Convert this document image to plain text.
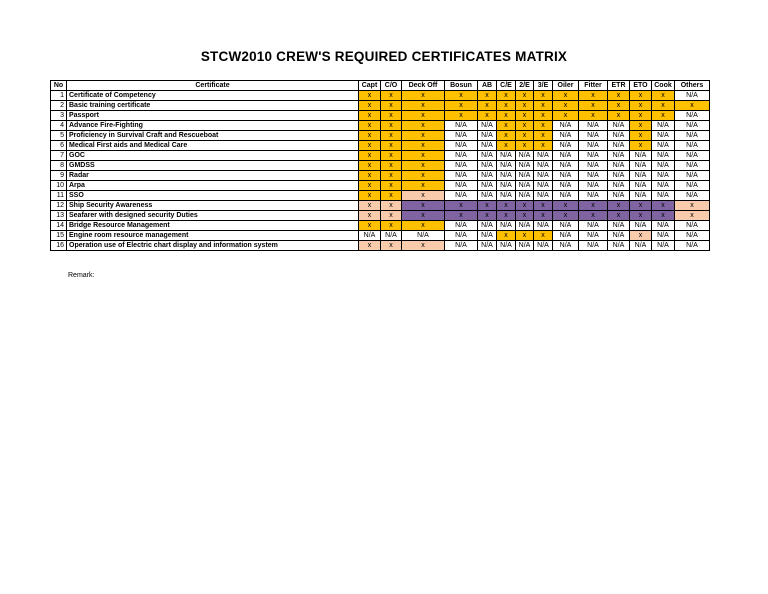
STCW2010 CREW'S REQUIRED CERTIFICATES MATRIX
No	Certificate	Capt	C/O	Deck Off	Bosun	AB	C/E	2/E	3/E	Oiler	Fitter	ETR	ETO	Cook	Others
1	Certificate of Competency	x	x	x	x	x	x	x	x	x	x	x	x	x	N/A
2	Basic training certificate	x	x	x	x	x	x	x	x	x	x	x	x	x	x
3	Passport	x	x	x	x	x	x	x	x	x	x	x	x	x	N/A
4	Advance Fire-Fighting	x	x	x	N/A	N/A	x	x	x	N/A	N/A	N/A	x	N/A	N/A
5	Proficiency in Survival Craft and Rescueboat	x	x	x	N/A	N/A	x	x	x	N/A	N/A	N/A	x	N/A	N/A
6	Medical First aids and Medical Care	x	x	x	N/A	N/A	x	x	x	N/A	N/A	N/A	x	N/A	N/A
7	GOC	x	x	x	N/A	N/A	N/A	N/A	N/A	N/A	N/A	N/A	N/A	N/A	N/A
8	GMDSS	x	x	x	N/A	N/A	N/A	N/A	N/A	N/A	N/A	N/A	N/A	N/A	N/A
9	Radar	x	x	x	N/A	N/A	N/A	N/A	N/A	N/A	N/A	N/A	N/A	N/A	N/A
10	Arpa	x	x	x	N/A	N/A	N/A	N/A	N/A	N/A	N/A	N/A	N/A	N/A	N/A
11	SSO	x	x	x	N/A	N/A	N/A	N/A	N/A	N/A	N/A	N/A	N/A	N/A	N/A
12	Ship Security Awareness	x	x	x	x	x	x	x	x	x	x	x	x	x	x
13	Seafarer with designed security Duties	x	x	x	x	x	x	x	x	x	x	x	x	x	x
14	Bridge Resource Management	x	x	x	N/A	N/A	N/A	N/A	N/A	N/A	N/A	N/A	N/A	N/A	N/A
15	Engine room resource management	N/A	N/A	N/A	N/A	N/A	x	x	x	N/A	N/A	N/A	x	N/A	N/A
16	Operation use of Electric chart display and information system	x	x	x	N/A	N/A	N/A	N/A	N/A	N/A	N/A	N/A	N/A	N/A	N/A
Remark:
